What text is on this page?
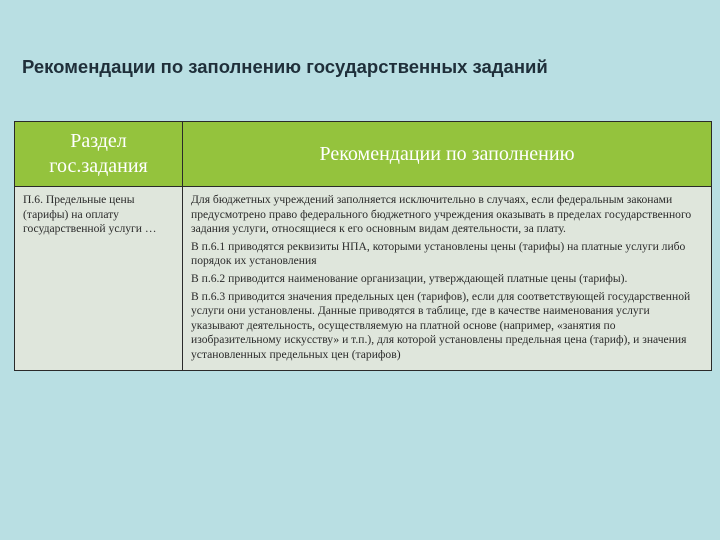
Рекомендации по заполнению государственных заданий
Раздел гос.задания	Рекомендации по заполнению
П.6. Предельные цены (тарифы) на оплату государственной услуги …	Для бюджетных учреждений заполняется исключительно в случаях, если федеральным законами предусмотрено право федерального бюджетного учреждения оказывать в пределах государственного задания услуги, относящиеся к его основным видам деятельности, за плату.
В п.6.1 приводятся реквизиты НПА, которыми установлены цены (тарифы) на платные услуги либо порядок их установления
В п.6.2 приводится наименование организации, утверждающей платные цены (тарифы).
В п.6.3 приводится значения предельных цен (тарифов), если для соответствующей государственной услуги они установлены. Данные приводятся в таблице, где в качестве наименования услуги указывают деятельность, осуществляемую на платной основе (например, «занятия по изобразительному искусству» и т.п.), для которой установлены предельная цена (тариф), и значения установленных предельных цен (тарифов)
